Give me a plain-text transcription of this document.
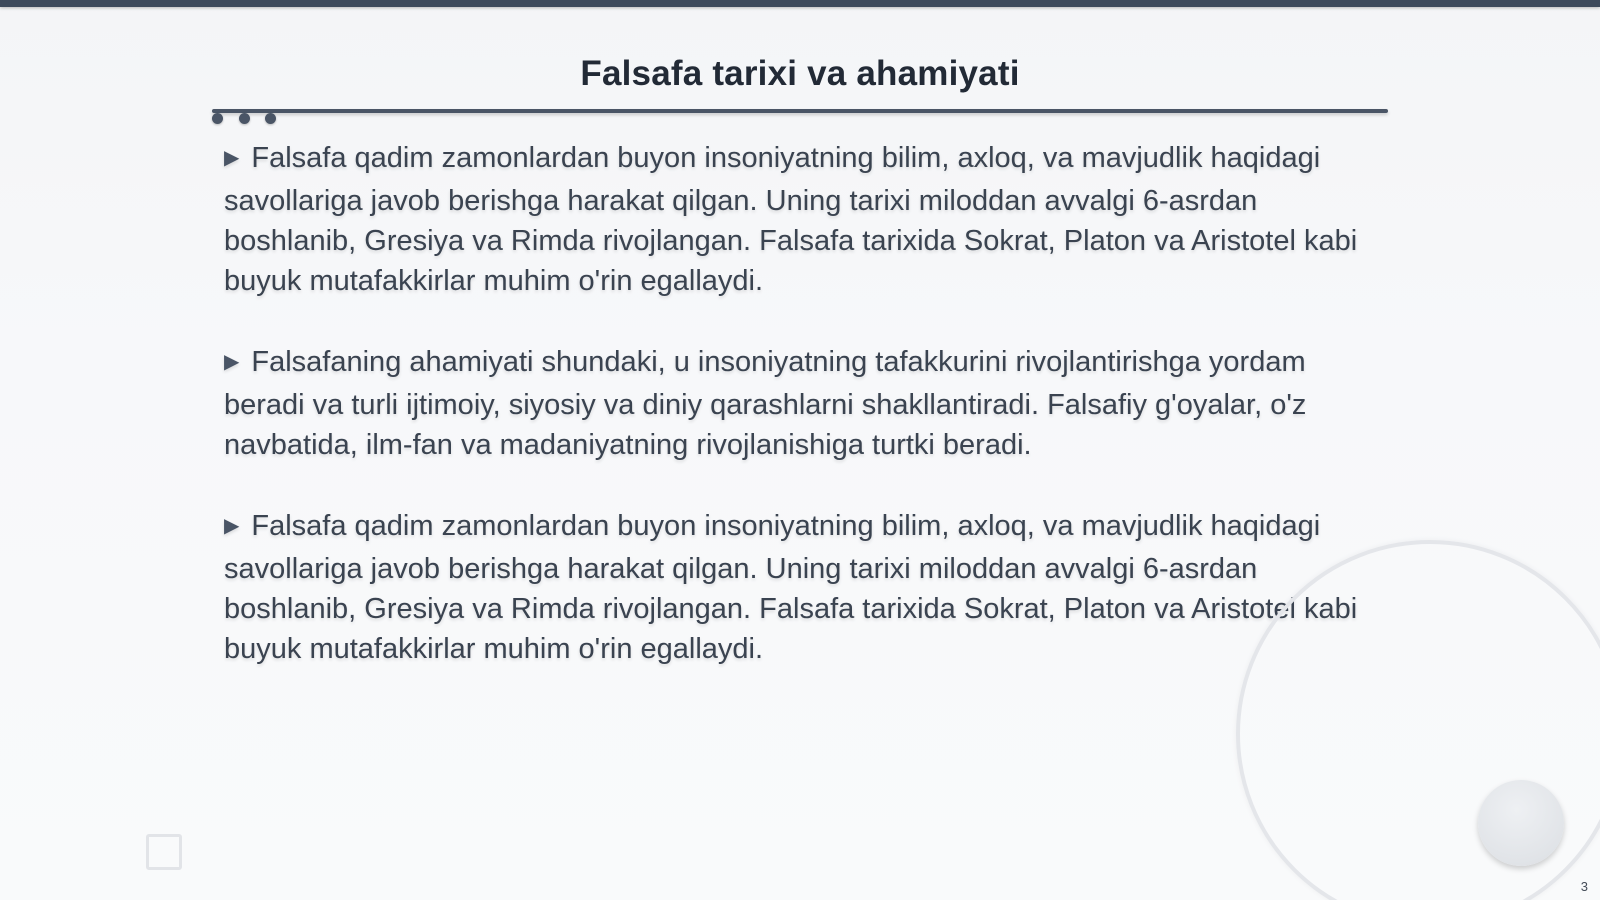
Falsafa tarixi va ahamiyati

▶ Falsafa qadim zamonlardan buyon insoniyatning bilim, axloq, va mavjudlik haqidagi savollariga javob berishga harakat qilgan. Uning tarixi miloddan avvalgi 6-asrdan boshlanib, Gresiya va Rimda rivojlangan. Falsafa tarixida Sokrat, Platon va Aristotel kabi buyuk mutafakkirlar muhim o'rin egallaydi.

▶ Falsafaning ahamiyati shundaki, u insoniyatning tafakkurini rivojlantirishga yordam beradi va turli ijtimoiy, siyosiy va diniy qarashlarni shakllantiradi. Falsafiy g'oyalar, o'z navbatida, ilm-fan va madaniyatning rivojlanishiga turtki beradi.

▶ Falsafa qadim zamonlardan buyon insoniyatning bilim, axloq, va mavjudlik haqidagi savollariga javob berishga harakat qilgan. Uning tarixi miloddan avvalgi 6-asrdan boshlanib, Gresiya va Rimda rivojlangan. Falsafa tarixida Sokrat, Platon va Aristotel kabi buyuk mutafakkirlar muhim o'rin egallaydi.

3
